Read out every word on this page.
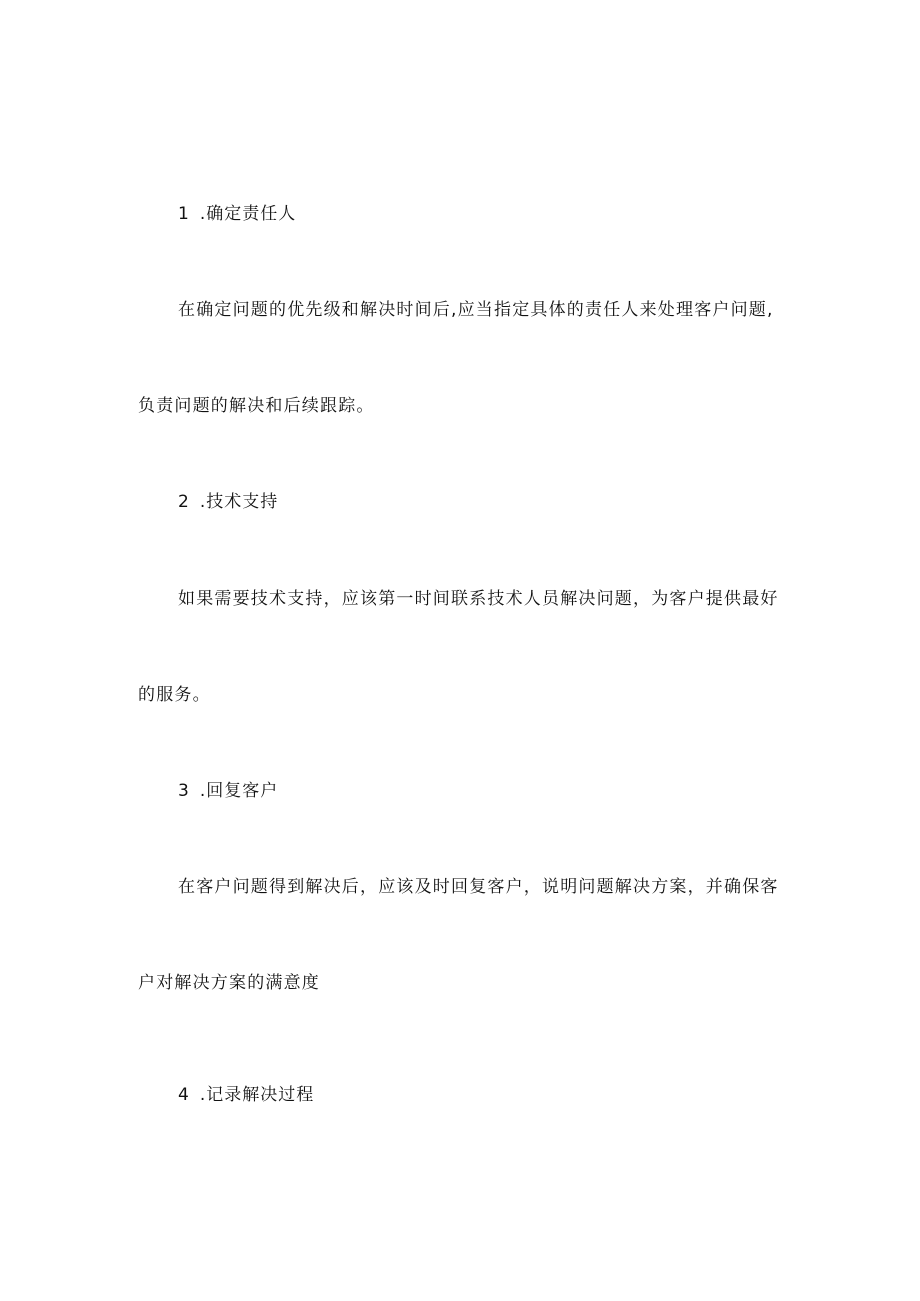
1 .确定责任人
在确定问题的优先级和解决时间后,应当指定具体的责任人来处理客户问题,
负责问题的解决和后续跟踪。
2 .技术支持
如果需要技术支持，应该第一时间联系技术人员解决问题，为客户提供最好
的服务。
3 .回复客户
在客户问题得到解决后，应该及时回复客户，说明问题解决方案，并确保客
户对解决方案的满意度
4 .记录解决过程
